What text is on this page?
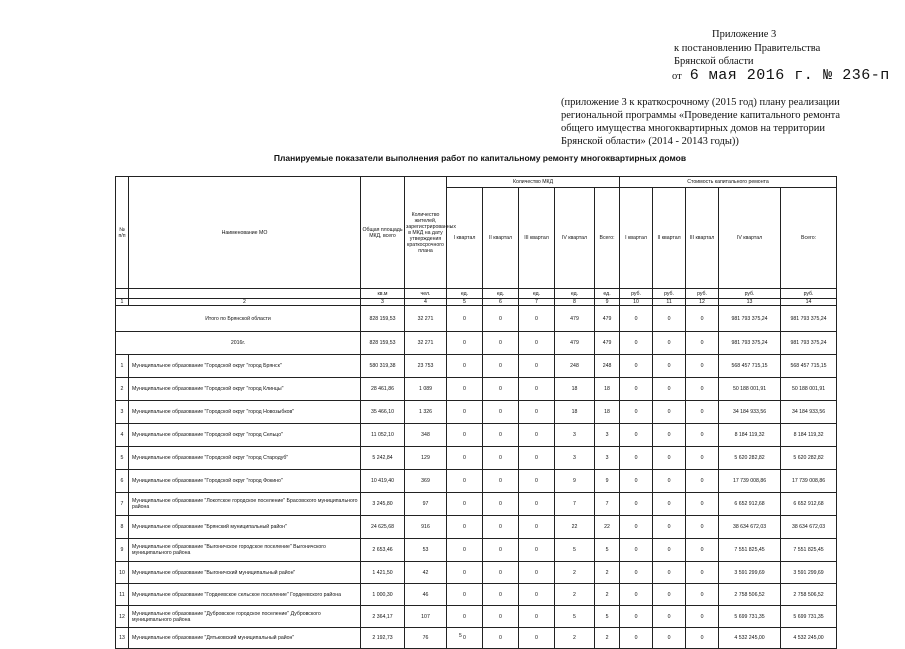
Приложение 3
к постановлению Правительства
Брянской области
от 6 мая 2016 г. № 236-п
(приложение 3 к краткосрочному (2015 год) плану реализации
региональной программы «Проведение капитального ремонта
общего имущества многоквартирных домов на территории
Брянской области» (2014 - 20143 годы))
Планируемые показатели выполнения работ по капитальному ремонту многоквартирных домов
№ п/п	Наименование МО	Общая площадь МКД, всего	Количество жителей, зарегистрированных в МКД на дату утверждения краткосрочного плана	Количество МКД					Стоимость капитального ремонта				
				I квартал	II квартал	III квартал	IV квартал	Всего:	I квартал	II квартал	III квартал	IV квартал	Всего:
		кв.м	чел.	ед.	ед.	ед.	ед.	ед.	руб.	руб.	руб.	руб.	руб.
1	2	3	4	5	6	7	8	9	10	11	12	13	14
Итого по Брянской области		828 159,53	32 271	0	0	0	479	479	0	0	0	981 793 375,24	981 793 375,24
2016г.		828 159,53	32 271	0	0	0	479	479	0	0	0	981 793 375,24	981 793 375,24
1	Муниципальное образование "Городской округ "город Брянск"	580 319,38	23 753	0	0	0	248	248	0	0	0	568 457 715,15	568 457 715,15
2	Муниципальное образование "Городской округ "город Клинцы"	28 461,86	1 089	0	0	0	18	18	0	0	0	50 188 001,91	50 188 001,91
3	Муниципальное образование "Городской округ "город Новозыбков"	35 466,10	1 326	0	0	0	18	18	0	0	0	34 184 933,56	34 184 933,56
4	Муниципальное образование "Городской округ "город Сельцо"	11 052,10	348	0	0	0	3	3	0	0	0	8 184 119,32	8 184 119,32
5	Муниципальное образование "Городской округ "город Стародуб"	5 242,84	129	0	0	0	3	3	0	0	0	5 620 282,82	5 620 282,82
6	Муниципальное образование "Городской округ "город Фокино"	10 419,40	369	0	0	0	9	9	0	0	0	17 739 008,86	17 739 008,86
7	Муниципальное образование "Локотское городское поселение" Брасовского муниципального района	3 245,80	97	0	0	0	7	7	0	0	0	6 652 912,68	6 652 912,68
8	Муниципальное образование "Брянский муниципальный район"	24 625,68	916	0	0	0	22	22	0	0	0	38 634 672,03	38 634 672,03
9	Муниципальное образование "Выгоничское городское поселение" Выгоничского муниципального района	2 653,46	53	0	0	0	5	5	0	0	0	7 551 825,45	7 551 825,45
10	Муниципальное образование "Выгоничский муниципальный район"	1 421,50	42	0	0	0	2	2	0	0	0	3 591 299,69	3 591 299,69
11	Муниципальное образование "Гордеевское сельское поселение" Гордеевского района	1 000,30	46	0	0	0	2	2	0	0	0	2 758 506,52	2 758 506,52
12	Муниципальное образование "Дубровское городское поселение" Дубровского муниципального района	2 364,17	107	0	0	0	5	5	0	0	0	5 699 731,35	5 699 731,35
13	Муниципальное образование "Дятьковский муниципальный район"	2 192,73	76	0	0	0	2	2	0	0	0	4 532 245,00	4 532 245,00
5
